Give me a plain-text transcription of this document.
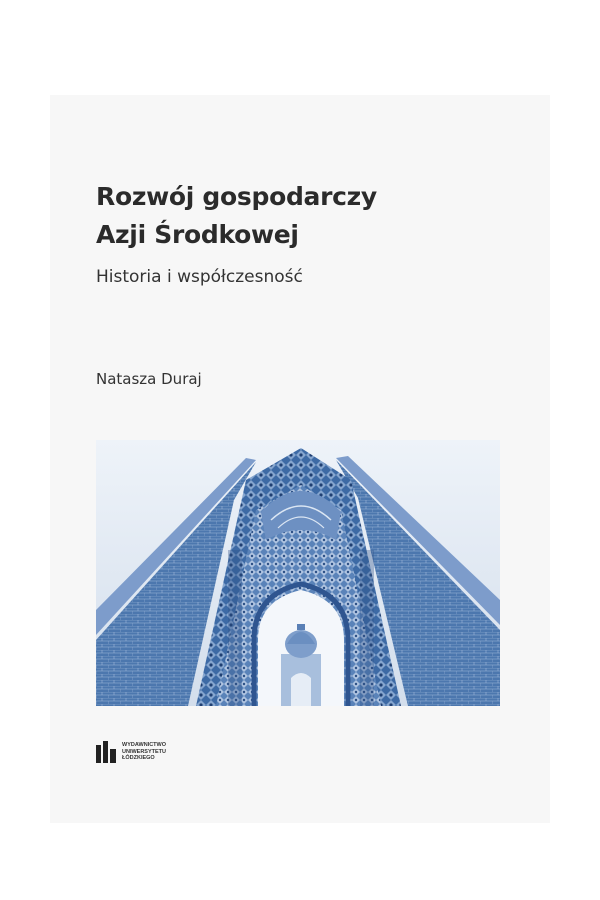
Rozwój gospodarczy
Azji Środkowej
Historia i współczesność

Natasza Duraj

WYDAWNICTWO
UNIWERSYTETU
ŁÓDZKIEGO
